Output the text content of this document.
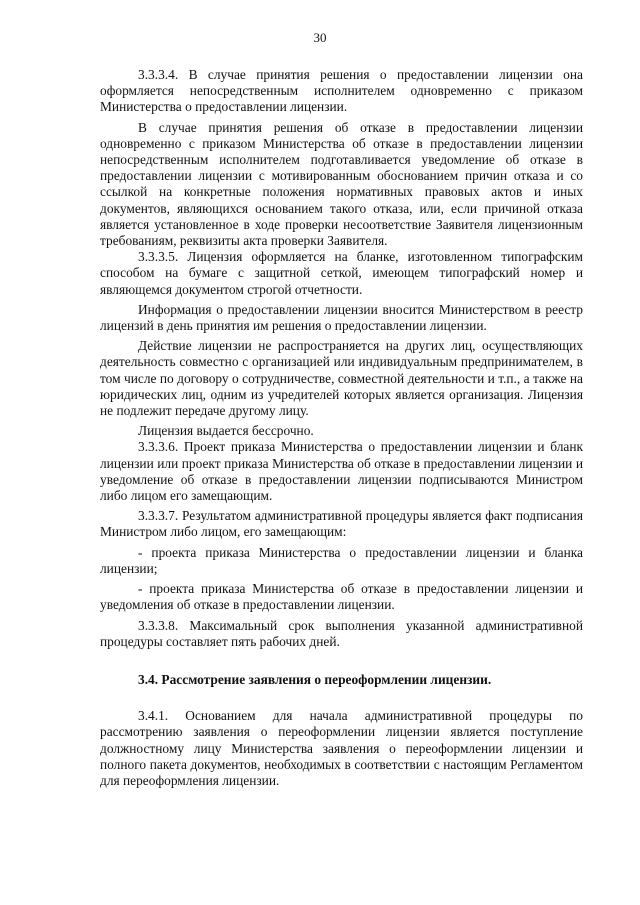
30

3.3.3.4. В случае принятия решения о предоставлении лицензии она оформляется непосредственным исполнителем одновременно с приказом Министерства о предоставлении лицензии.

В случае принятия решения об отказе в предоставлении лицензии одновременно с приказом Министерства об отказе в предоставлении лицензии непосредственным исполнителем подготавливается уведомление об отказе в предоставлении лицензии с мотивированным обоснованием причин отказа и со ссылкой на конкретные положения нормативных правовых актов и иных документов, являющихся основанием такого отказа, или, если причиной отказа является установленное в ходе проверки несоответствие Заявителя лицензионным требованиям, реквизиты акта проверки Заявителя.

3.3.3.5. Лицензия оформляется на бланке, изготовленном типографским способом на бумаге с защитной сеткой, имеющем типографский номер и являющемся документом строгой отчетности.

Информация о предоставлении лицензии вносится Министерством в реестр лицензий в день принятия им решения о предоставлении лицензии.

Действие лицензии не распространяется на других лиц, осуществляющих деятельность совместно с организацией или индивидуальным предпринимателем, в том числе по договору о сотрудничестве, совместной деятельности и т.п., а также на юридических лиц, одним из учредителей которых является организация. Лицензия не подлежит передаче другому лицу.

Лицензия выдается бессрочно.

3.3.3.6. Проект приказа Министерства о предоставлении лицензии и бланк лицензии или проект приказа Министерства об отказе в предоставлении лицензии и уведомление об отказе в предоставлении лицензии подписываются Министром либо лицом его замещающим.

3.3.3.7. Результатом административной процедуры является факт подписания Министром либо лицом, его замещающим:

- проекта приказа Министерства о предоставлении лицензии и бланка лицензии;

- проекта приказа Министерства об отказе в предоставлении лицензии и уведомления об отказе в предоставлении лицензии.

3.3.3.8. Максимальный срок выполнения указанной административной процедуры составляет пять рабочих дней.

3.4. Рассмотрение заявления о переоформлении лицензии.

3.4.1. Основанием для начала административной процедуры по рассмотрению заявления о переоформлении лицензии является поступление должностному лицу Министерства заявления о переоформлении лицензии и полного пакета документов, необходимых в соответствии с настоящим Регламентом для переоформления лицензии.
